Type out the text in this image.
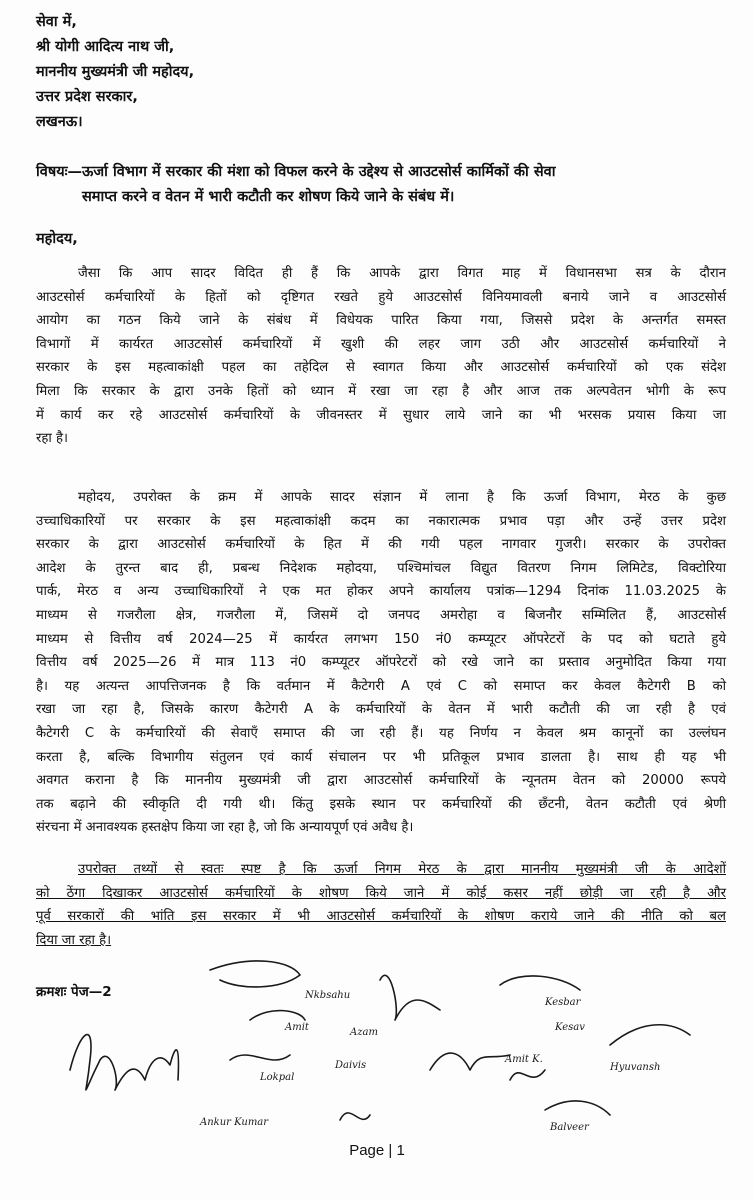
सेवा में,
श्री योगी आदित्य नाथ जी,
माननीय मुख्यमंत्री जी महोदय,
उत्तर प्रदेश सरकार,
लखनऊ।
विषयः—ऊर्जा विभाग में सरकार की मंशा को विफल करने के उद्देश्य से आउटसोर्स कार्मिकों की सेवा
समाप्त करने व वेतन में भारी कटौती कर शोषण किये जाने के संबंध में।
महोदय,
जैसा कि आप सादर विदित ही हैं कि आपके द्वारा विगत माह में विधानसभा सत्र के दौरान
आउटसोर्स कर्मचारियों के हितों को दृष्टिगत रखते हुये आउटसोर्स विनियमावली बनाये जाने व आउटसोर्स
आयोग का गठन किये जाने के संबंध में विधेयक पारित किया गया, जिससे प्रदेश के अन्तर्गत समस्त
विभागों में कार्यरत आउटसोर्स कर्मचारियों में खुशी की लहर जाग उठी और आउटसोर्स कर्मचारियों ने
सरकार के इस महत्वाकांक्षी पहल का तहेदिल से स्वागत किया और आउटसोर्स कर्मचारियों को एक संदेश
मिला कि सरकार के द्वारा उनके हितों को ध्यान में रखा जा रहा है और आज तक अल्पवेतन भोगी के रूप
में कार्य कर रहे आउटसोर्स कर्मचारियों के जीवनस्तर में सुधार लाये जाने का भी भरसक प्रयास किया जा
रहा है।
महोदय, उपरोक्त के क्रम में आपके सादर संज्ञान में लाना है कि ऊर्जा विभाग, मेरठ के कुछ
उच्चाधिकारियों पर सरकार के इस महत्वाकांक्षी कदम का नकारात्मक प्रभाव पड़ा और उन्हें उत्तर प्रदेश
सरकार के द्वारा आउटसोर्स कर्मचारियों के हित में की गयी पहल नागवार गुजरी। सरकार के उपरोक्त
आदेश के तुरन्त बाद ही, प्रबन्ध निदेशक महोदया, पश्चिमांचल विद्युत वितरण निगम लिमिटेड, विक्टोरिया
पार्क, मेरठ व अन्य उच्चाधिकारियों ने एक मत होकर अपने कार्यालय पत्रांक—1294 दिनांक 11.03.2025 के
माध्यम से गजरौला क्षेत्र, गजरौला में, जिसमें दो जनपद अमरोहा व बिजनौर सम्मिलित हैं, आउटसोर्स
माध्यम से वित्तीय वर्ष 2024—25 में कार्यरत लगभग 150 नं0 कम्प्यूटर ऑपरेटरों के पद को घटाते हुये
वित्तीय वर्ष 2025—26 में मात्र 113 नं0 कम्प्यूटर ऑपरेटरों को रखे जाने का प्रस्ताव अनुमोदित किया गया
है। यह अत्यन्त आपत्तिजनक है कि वर्तमान में कैटेगरी A एवं C को समाप्त कर केवल कैटेगरी B को
रखा जा रहा है, जिसके कारण कैटेगरी A के कर्मचारियों के वेतन में भारी कटौती की जा रही है एवं
कैटेगरी C के कर्मचारियों की सेवाएँ समाप्त की जा रही हैं। यह निर्णय न केवल श्रम कानूनों का उल्लंघन
करता है, बल्कि विभागीय संतुलन एवं कार्य संचालन पर भी प्रतिकूल प्रभाव डालता है। साथ ही यह भी
अवगत कराना है कि माननीय मुख्यमंत्री जी द्वारा आउटसोर्स कर्मचारियों के न्यूनतम वेतन को 20000 रूपये
तक बढ़ाने की स्वीकृति दी गयी थी। किंतु इसके स्थान पर कर्मचारियों की छँटनी, वेतन कटौती एवं श्रेणी
संरचना में अनावश्यक हस्तक्षेप किया जा रहा है, जो कि अन्यायपूर्ण एवं अवैध है।
उपरोक्त तथ्यों से स्वतः स्पष्ट है कि ऊर्जा निगम मेरठ के द्वारा माननीय मुख्यमंत्री जी के आदेशों
को ठेंगा दिखाकर आउटसोर्स कर्मचारियों के शोषण किये जाने में कोई कसर नहीं छोड़ी जा रही है और
पूर्व सरकारों की भांति इस सरकार में भी आउटसोर्स कर्मचारियों के शोषण कराये जाने की नीति को बल
दिया जा रहा है।
क्रमशः पेज—2	Nkbsahu
Kesav
Amit	Azam
Kesbar
Amit K.
Lokpal
Daivis
Ankur Kumar	Balveer
Hyuvansh
Page | 1
